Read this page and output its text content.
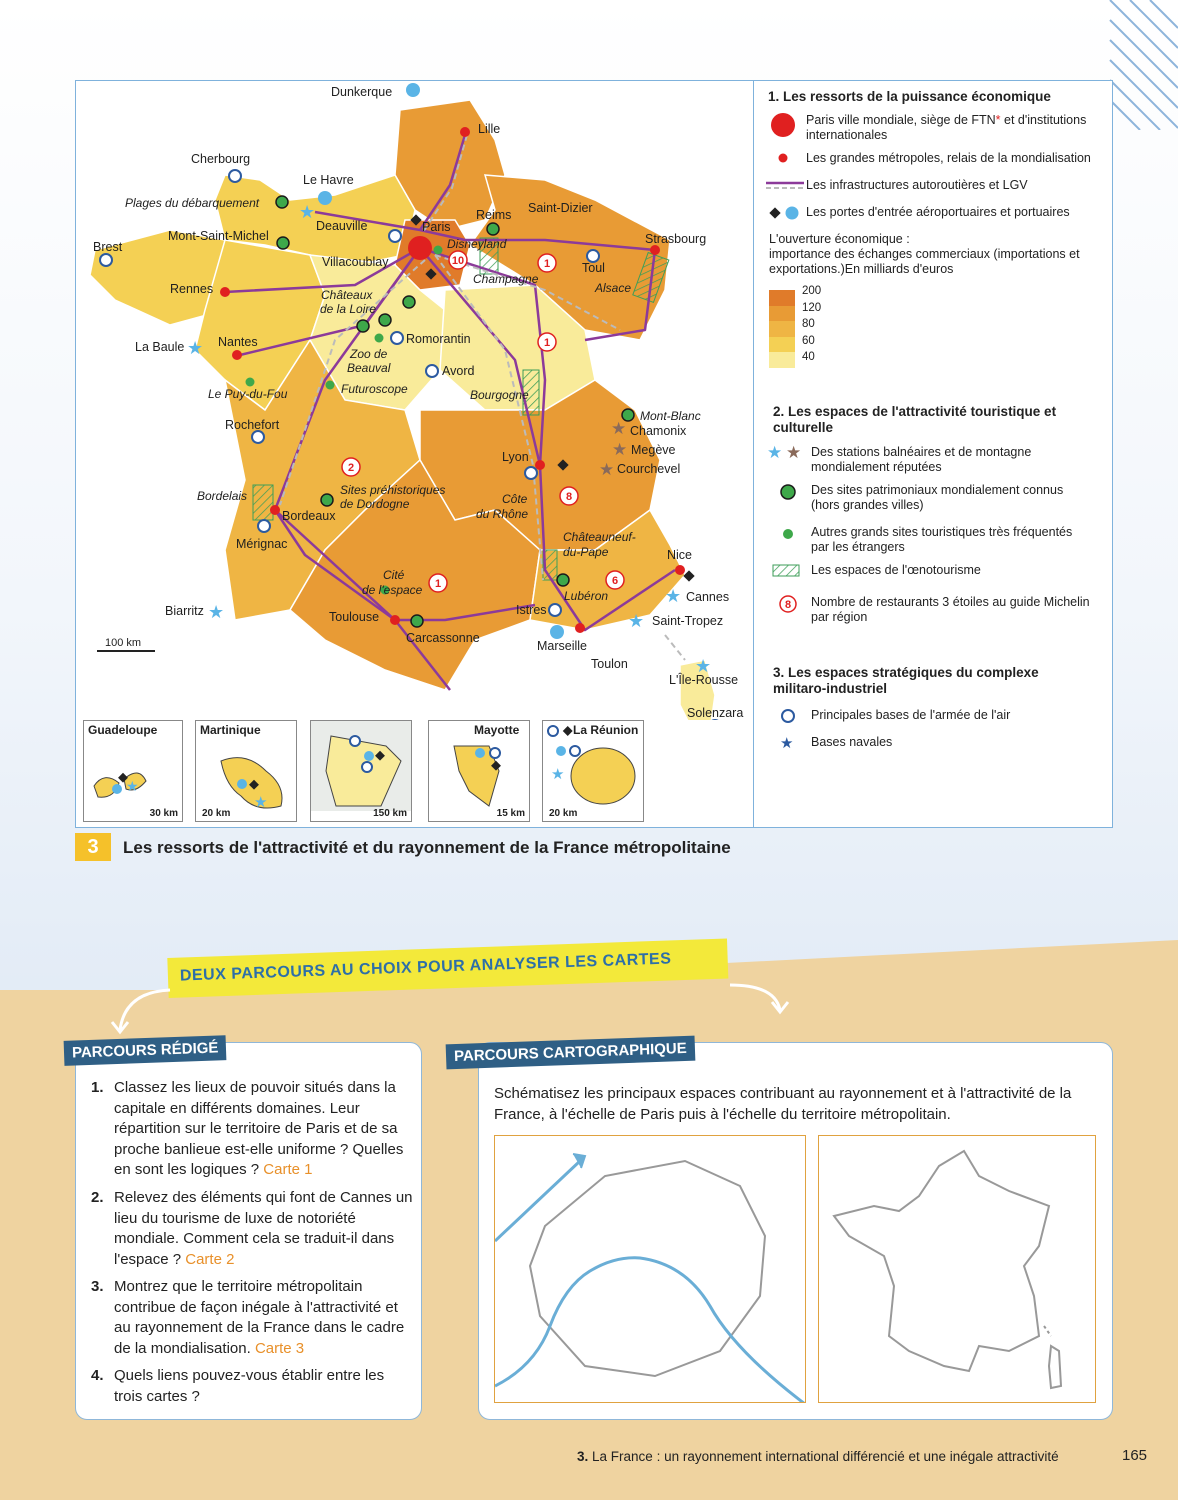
★
★
★
★
★
★
★
★
★
10	1
1
2
8
6
1
Dunkerque
Lille
Cherbourg
Le Havre
Plages du débarquement
Deauville	Paris
Reims Saint-Dizier
Brest
Mont-Saint-Michel
Disneyland	Strasbourg
Villacoublay
Champagne
Toul
Alsace
Rennes	Châteaux
de la Loire
Nantes	Romorantin
La Baule	Zoo de
Beauval	Avord
Futuroscope
Le Puy-du-Fou	Bourgogne
Mont-Blanc
Chamonix
Rochefort
Megève
Lyon
Courchevel
Sites préhistoriques
de Dordogne
Bordelais
Bordeaux
Côte
du Rhône
Mérignac	Châteauneuf-
du-Pape	Nice
Cité
de l'espace	Lubéron	Cannes
Biarritz	Istres
Toulouse	Saint-Tropez
Carcassonne
Marseille
Toulon
L'Île-Rousse
Solenzara
100 km
Guadeloupe
★
30 km
Martinique
★
20 km	150 km
Mayotte
15 km
La Réunion
★
20 km
1. Les ressorts de la puissance économique
Paris ville mondiale, siège de FTN* et d'institutions
internationales
Les grandes métropoles, relais de la mondialisation
Les infrastructures autoroutières et LGV
Les portes d'entrée aéroportuaires et portuaires
L'ouverture économique :
importance des échanges commerciaux (importations et
exportations.)En milliards d'euros
200
120
80
60
40
2. Les espaces de l'attractivité touristique et
culturelle
★ ★ Des stations balnéaires et de montagne
mondialement réputées
Des sites patrimoniaux mondialement connus
(hors grandes villes)
Autres grands sites touristiques très fréquentés
par les étrangers
Les espaces de l'œnotourisme
8 Nombre de restaurants 3 étoiles au guide Michelin
par région
3. Les espaces stratégiques du complexe
militaro-industriel
Principales bases de l'armée de l'air
★ Bases navales
3	Les ressorts de l'attractivité et du rayonnement de la France métropolitaine
DEUX PARCOURS AU CHOIX POUR ANALYSER LES CARTES
PARCOURS RÉDIGÉ
1. Classez les lieux de pouvoir situés dans la capitale en différents domaines. Leur répartition sur le territoire de Paris et de sa proche banlieue est-elle uniforme ? Quelles en sont les logiques ? Carte 1
2. Relevez des éléments qui font de Cannes un lieu du tourisme de luxe de notoriété mondiale. Comment cela se traduit-il dans l'espace ? Carte 2
3. Montrez que le territoire métropolitain contribue de façon inégale à l'attractivité et au rayonnement de la France dans le cadre de la mondialisation. Carte 3
4. Quels liens pouvez-vous établir entre les trois cartes ?
PARCOURS CARTOGRAPHIQUE
Schématisez les principaux espaces contribuant au rayonnement et à l'attractivité de la France, à l'échelle de Paris puis à l'échelle du territoire métropolitain.
3. La France : un rayonnement international différencié et une inégale attractivité	165
